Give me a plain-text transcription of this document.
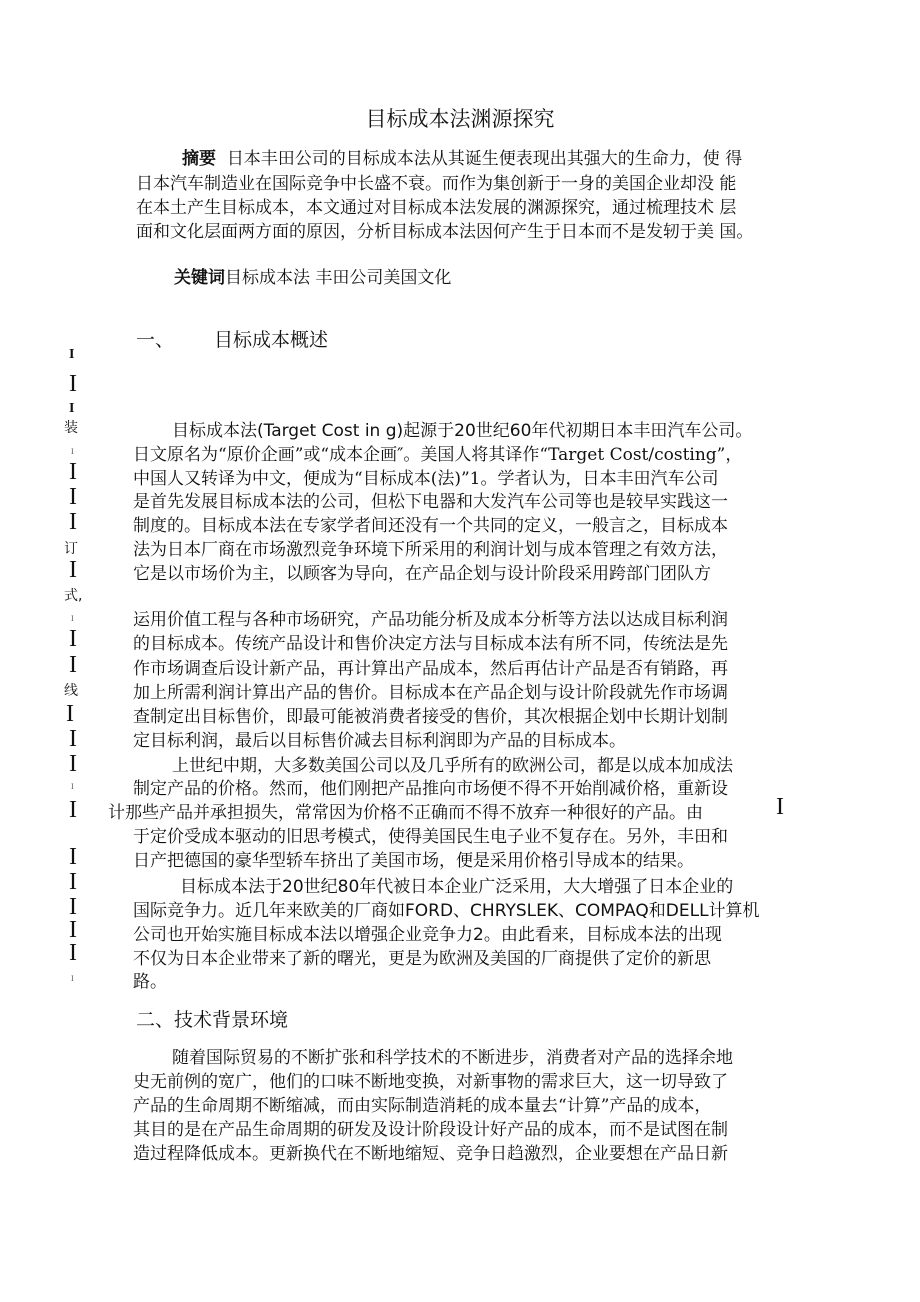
目标成本法渊源探究
摘要 日本丰田公司的目标成本法从其诞生便表现出其强大的生命力，使 得
日本汽车制造业在国际竞争中长盛不衰。而作为集创新于一身的美国企业却没 能
在本土产生目标成本，本文通过对目标成本法发展的渊源探究，通过梳理技术 层
面和文化层面两方面的原因，分析目标成本法因何产生于日本而不是发轫于美 国。
关键词目标成本法 丰田公司美国文化
一、 目标成本概述
目标成本法(Target Cost in g)起源于20世纪60年代初期日本丰田汽车公司。
日文原名为“原价企画”或“成本企画″。美国人将其译作“Target Cost/costing”，
中国人又转译为中文，便成为“目标成本(法)”1。学者认为，日本丰田汽车公司
是首先发展目标成本法的公司，但松下电器和大发汽车公司等也是较早实践这一
制度的。目标成本法在专家学者间还没有一个共同的定义，一般言之，目标成本
法为日本厂商在市场激烈竞争环境下所采用的利润计划与成本管理之有效方法，
它是以市场价为主，以顾客为导向，在产品企划与设计阶段采用跨部门团队方
运用价值工程与各种市场研究，产品功能分析及成本分析等方法以达成目标利润
的目标成本。传统产品设计和售价决定方法与目标成本法有所不同，传统法是先
作市场调查后设计新产品，再计算出产品成本，然后再估计产品是否有销路，再
加上所需利润计算出产品的售价。目标成本在产品企划与设计阶段就先作市场调
查制定出目标售价，即最可能被消费者接受的售价，其次根据企划中长期计划制
定目标利润，最后以目标售价减去目标利润即为产品的目标成本。
上世纪中期，大多数美国公司以及几乎所有的欧洲公司，都是以成本加成法
制定产品的价格。然而，他们刚把产品推向市场便不得不开始削减价格，重新设
计那些产品并承担损失，常常因为价格不正确而不得不放弃一种很好的产品。由
于定价受成本驱动的旧思考模式，使得美国民生电子业不复存在。另外，丰田和
日产把德国的豪华型轿车挤出了美国市场，便是采用价格引导成本的结果。
目标成本法于20世纪80年代被日本企业广泛采用，大大增强了日本企业的
国际竞争力。近几年来欧美的厂商如FORD、CHRYSLEK、COMPAQ和DELL计算机
公司也开始实施目标成本法以增强企业竞争力2。由此看来，目标成本法的出现
不仅为日本企业带来了新的曙光，更是为欧洲及美国的厂商提供了定价的新思
路。
二、技术背景环境
随着国际贸易的不断扩张和科学技术的不断进步，消费者对产品的选择余地
史无前例的宽广，他们的口味不断地变换，对新事物的需求巨大，这一切导致了
产品的生命周期不断缩减，而由实际制造消耗的成本量去“计算”产品的成本，
其目的是在产品生命周期的研发及设计阶段设计好产品的成本，而不是试图在制
造过程降低成本。更新换代在不断地缩短、竞争日趋激烈，企业要想在产品日新
I
I
I
装
I
I
I
I
订
I
式,
I
I
I
线
I
I
I
I
I
I
I
I
I
I
I
I
